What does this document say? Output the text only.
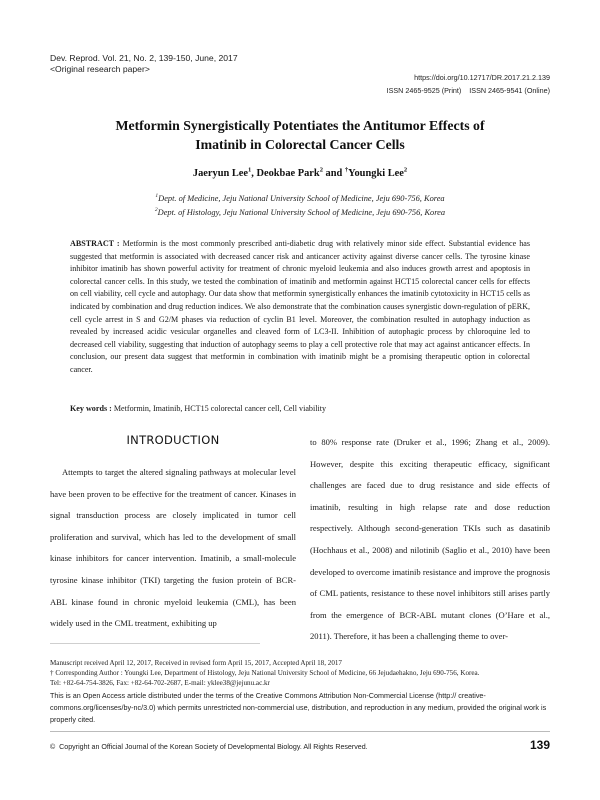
Dev. Reprod. Vol. 21, No. 2, 139-150, June, 2017
<Original research paper>
https://doi.org/10.12717/DR.2017.21.2.139
ISSN 2465-9525 (Print)    ISSN 2465-9541 (Online)
Metformin Synergistically Potentiates the Antitumor Effects of
Imatinib in Colorectal Cancer Cells
Jaeryun Lee$^1$, Deokbae Park$^2$ and †Youngki Lee$^2$
$^1$Dept. of Medicine, Jeju National University School of Medicine, Jeju 690-756, Korea
$^2$Dept. of Histology, Jeju National University School of Medicine, Jeju 690-756, Korea
ABSTRACT : Metformin is the most commonly prescribed anti-diabetic drug with relatively minor side effect. Substantial evidence has suggested that metformin is associated with decreased cancer risk and anticancer activity against diverse cancer cells. The tyrosine kinase inhibitor imatinib has shown powerful activity for treatment of chronic myeloid leukemia and also induces growth arrest and apoptosis in colorectal cancer cells. In this study, we tested the combination of imatinib and metformin against HCT15 colorectal cancer cells for effects on cell viability, cell cycle and autophagy. Our data show that metformin synergistically enhances the imatinib cytotoxicity in HCT15 cells as indicated by combination and drug reduction indices. We also demonstrate that the combination causes synergistic down-regulation of pERK, cell cycle arrest in S and G2/M phases via reduction of cyclin B1 level. Moreover, the combination resulted in autophagy induction as revealed by increased acidic vesicular organelles and cleaved form of LC3-II. Inhibition of autophagic process by chloroquine led to decreased cell viability, suggesting that induction of autophagy seems to play a cell protective role that may act against anticancer effects. In conclusion, our present data suggest that metformin in combination with imatinib might be a promising therapeutic option in colorectal cancer.
Key words : Metformin, Imatinib, HCT15 colorectal cancer cell, Cell viability
INTRODUCTION
Attempts to target the altered signaling pathways at molecular level have been proven to be effective for the treatment of cancer. Kinases in signal transduction process are closely implicated in tumor cell proliferation and survival, which has led to the development of small kinase inhibitors for cancer intervention. Imatinib, a small-molecule tyrosine kinase inhibitor (TKI) targeting the fusion protein of BCR-ABL kinase found in chronic myeloid leukemia (CML), has been widely used in the CML treatment, exhibiting up
to 80% response rate (Druker et al., 1996; Zhang et al., 2009). However, despite this exciting therapeutic efficacy, significant challenges are faced due to drug resistance and side effects of imatinib, resulting in high relapse rate and dose reduction respectively. Although second-generation TKIs such as dasatinib (Hochhaus et al., 2008) and nilotinib (Saglio et al., 2010) have been developed to overcome imatinib resistance and improve the prognosis of CML patients, resistance to these novel inhibitors still arises partly from the emergence of BCR-ABL mutant clones (O’Hare et al., 2011). Therefore, it has been a challenging theme to over-
Manuscript received April 12, 2017, Received in revised form April 15, 2017, Accepted April 18, 2017
† Corresponding Author : Youngki Lee, Department of Histology, Jeju National University School of Medicine, 66 Jejudaehakno, Jeju 690-756, Korea.
Tel: +82-64-754-3826, Fax: +82-64-702-2687, E-mail: yklee38@jejunu.ac.kr
This is an Open Access article distributed under the terms of the Creative Commons Attribution Non-Commercial License (http:// creative-commons.org/licenses/by-nc/3.0) which permits unrestricted non-commercial use, distribution, and reproduction in any medium, provided the original work is properly cited.
©  Copyright an Official Journal of the Korean Society of Developmental Biology. All Rights Reserved.	139
